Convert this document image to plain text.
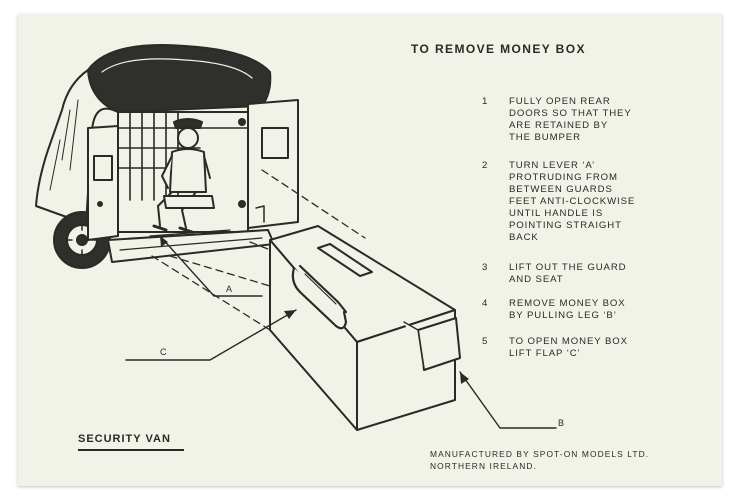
A
C
B
TO REMOVE MONEY BOX
1	FULLY OPEN REAR
DOORS SO THAT THEY
ARE RETAINED BY
THE BUMPER
2	TURN LEVER ‘A’
PROTRUDING FROM
BETWEEN GUARDS
FEET ANTI-CLOCKWISE
UNTIL HANDLE IS
POINTING STRAIGHT
BACK
3	LIFT OUT THE GUARD
AND SEAT
4	REMOVE MONEY BOX
BY PULLING LEG ‘B’
5	TO OPEN MONEY BOX
LIFT FLAP ‘C’
SECURITY VAN
MANUFACTURED BY SPOT-ON MODELS LTD.
NORTHERN IRELAND.
